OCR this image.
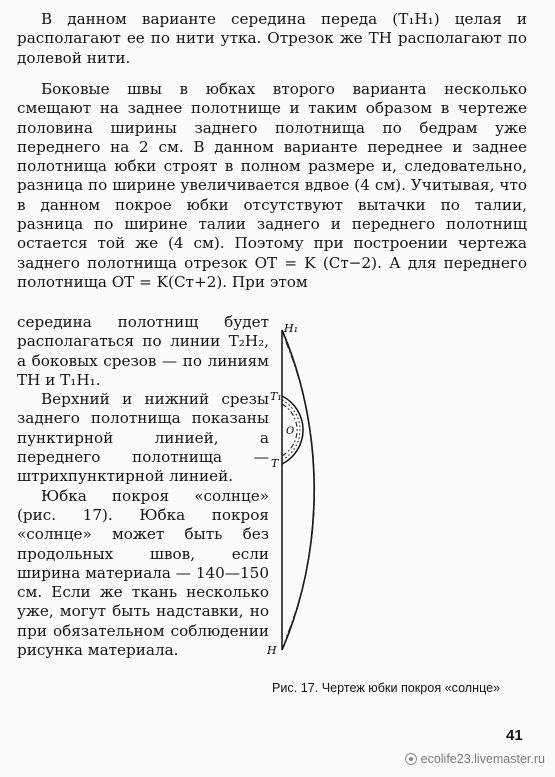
В данном варианте середина переда (T₁H₁) целая и располагают ее по нити утка. Отрезок же TH располагают по долевой нити.

Боковые швы в юбках второго варианта несколько смещают на заднее полотнище и таким образом в чертеже половина ширины заднего полотнища по бедрам уже переднего на 2 см. В данном варианте переднее и заднее полотнища юбки строят в полном размере и, следовательно, разница по ширине увеличивается вдвое (4 см). Учитывая, что в данном покрое юбки отсутствуют вытачки по талии, разница по ширине талии заднего и переднего полотнищ остается той же (4 см). Поэтому при построении чертежа заднего полотнища отрезок OT = K (Cт−2). А для переднего полотнища OT = K(Cт+2). При этом

середина полотнищ будет располагаться по линии T₂H₂, а боковых срезов — по линиям TH и T₁H₁.

Верхний и нижний срезы заднего полотнища показаны пунктирной линией, а переднего полотнища — штрихпунктирной линией.

Юбка покроя «солнце» (рис. 17). Юбка покроя «солнце» может быть без продольных швов, если ширина материала — 140—150 см. Если же ткань несколько уже, могут быть надставки, но при обязательном соблюдении рисунка материала.

H₁
T₁
O
T
H
Рис. 17. Чертеж юбки покроя «солнце»
41
ecolife23.livemaster.ru
